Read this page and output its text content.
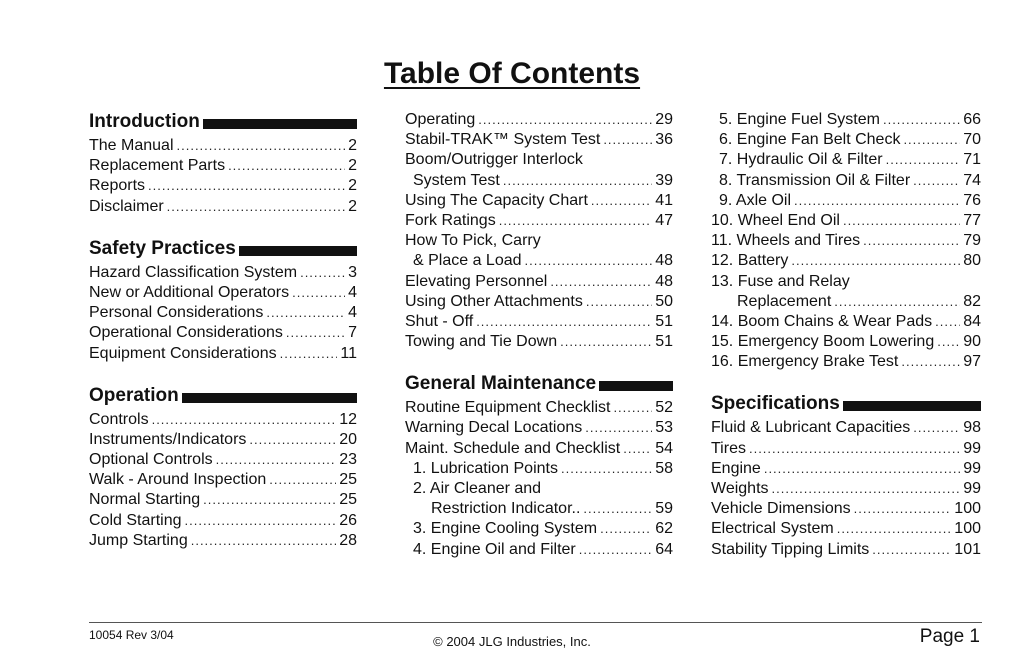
Table Of Contents
Introduction
The Manual .....	2
Replacement Parts .....	2
Reports .....	2
Disclaimer .....	2
Safety Practices
Hazard Classification System .....	3
New or Additional Operators .....	4
Personal Considerations .....	4
Operational Considerations .....	7
Equipment Considerations .....	11
Operation
Controls .....	12
Instruments/Indicators .....	20
Optional Controls .....	23
Walk - Around Inspection .....	25
Normal Starting .....	25
Cold Starting .....	26
Jump Starting .....	28
Operating .....	29
Stabil-TRAK™ System Test .....	36
Boom/Outrigger Interlock
System Test .....	39
Using The Capacity Chart .....	41
Fork Ratings .....	47
How To Pick, Carry
& Place a Load .....	48
Elevating Personnel .....	48
Using Other Attachments .....	50
Shut - Off .....	51
Towing and Tie Down .....	51
General Maintenance
Routine Equipment Checklist .....	52
Warning Decal Locations .....	53
Maint. Schedule and Checklist ..... 54
1. Lubrication Points .....	58
2. Air Cleaner and
Restriction Indicator.. .....	59
3. Engine Cooling System .....	62
4. Engine Oil and Filter .....	64
5. Engine Fuel System .....	66
6. Engine Fan Belt Check .....	70
7. Hydraulic Oil & Filter .....	71
8. Transmission Oil & Filter .....	74
9. Axle Oil .....	76
10. Wheel End Oil .....	77
11. Wheels and Tires .....	79
12. Battery .....	80
13. Fuse and Relay
Replacement .....	82
14. Boom Chains & Wear Pads ..... 84
15. Emergency Boom Lowering ..... 90
16. Emergency Brake Test .....	97
Specifications
Fluid & Lubricant Capacities .....	98
Tires .....	99
Engine .....	99
Weights .....	99
Vehicle Dimensions .....	100
Electrical System .....	100
Stability Tipping Limits .....	101
10054 Rev 3/04	© 2004 JLG Industries, Inc.	Page 1
